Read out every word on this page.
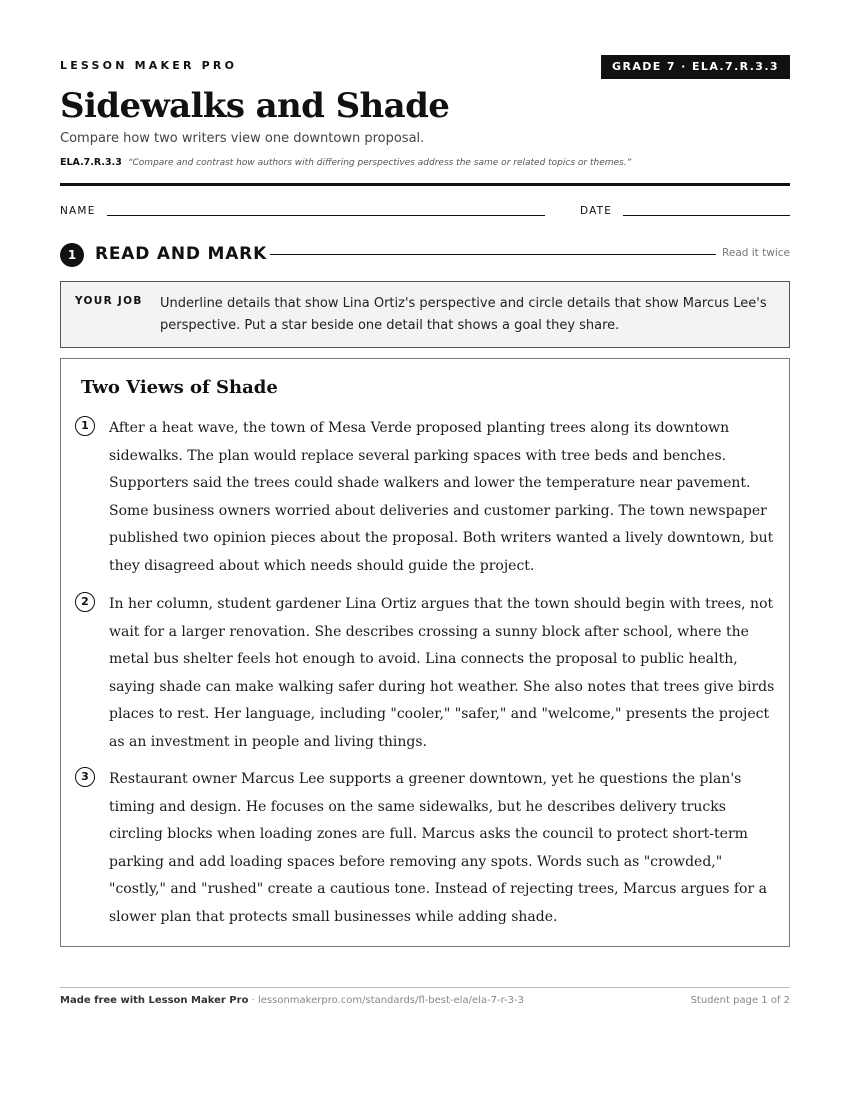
LESSON MAKER PRO	GRADE 7 · ELA.7.R.3.3
Sidewalks and Shade
Compare how two writers view one downtown proposal.
ELA.7.R.3.3 “Compare and contrast how authors with differing perspectives address the same or related topics or themes.”
NAME	DATE
1	READ AND MARK	Read it twice
YOUR JOB Underline details that show Lina Ortiz's perspective and circle details that show Marcus Lee's perspective. Put a star beside one detail that shows a goal they share.
Two Views of Shade
1	After a heat wave, the town of Mesa Verde proposed planting trees along its downtown sidewalks. The plan would replace several parking spaces with tree beds and benches. Supporters said the trees could shade walkers and lower the temperature near pavement. Some business owners worried about deliveries and customer parking. The town newspaper published two opinion pieces about the proposal. Both writers wanted a lively downtown, but they disagreed about which needs should guide the project.

2	In her column, student gardener Lina Ortiz argues that the town should begin with trees, not wait for a larger renovation. She describes crossing a sunny block after school, where the metal bus shelter feels hot enough to avoid. Lina connects the proposal to public health, saying shade can make walking safer during hot weather. She also notes that trees give birds places to rest. Her language, including "cooler," "safer," and "welcome," presents the project as an investment in people and living things.

3	Restaurant owner Marcus Lee supports a greener downtown, yet he questions the plan's timing and design. He focuses on the same sidewalks, but he describes delivery trucks circling blocks when loading zones are full. Marcus asks the council to protect short-term parking and add loading spaces before removing any spots. Words such as "crowded," "costly," and "rushed" create a cautious tone. Instead of rejecting trees, Marcus argues for a slower plan that protects small businesses while adding shade.

Made free with Lesson Maker Pro · lessonmakerpro.com/standards/fl-best-ela/ela-7-r-3-3	Student page 1 of 2
